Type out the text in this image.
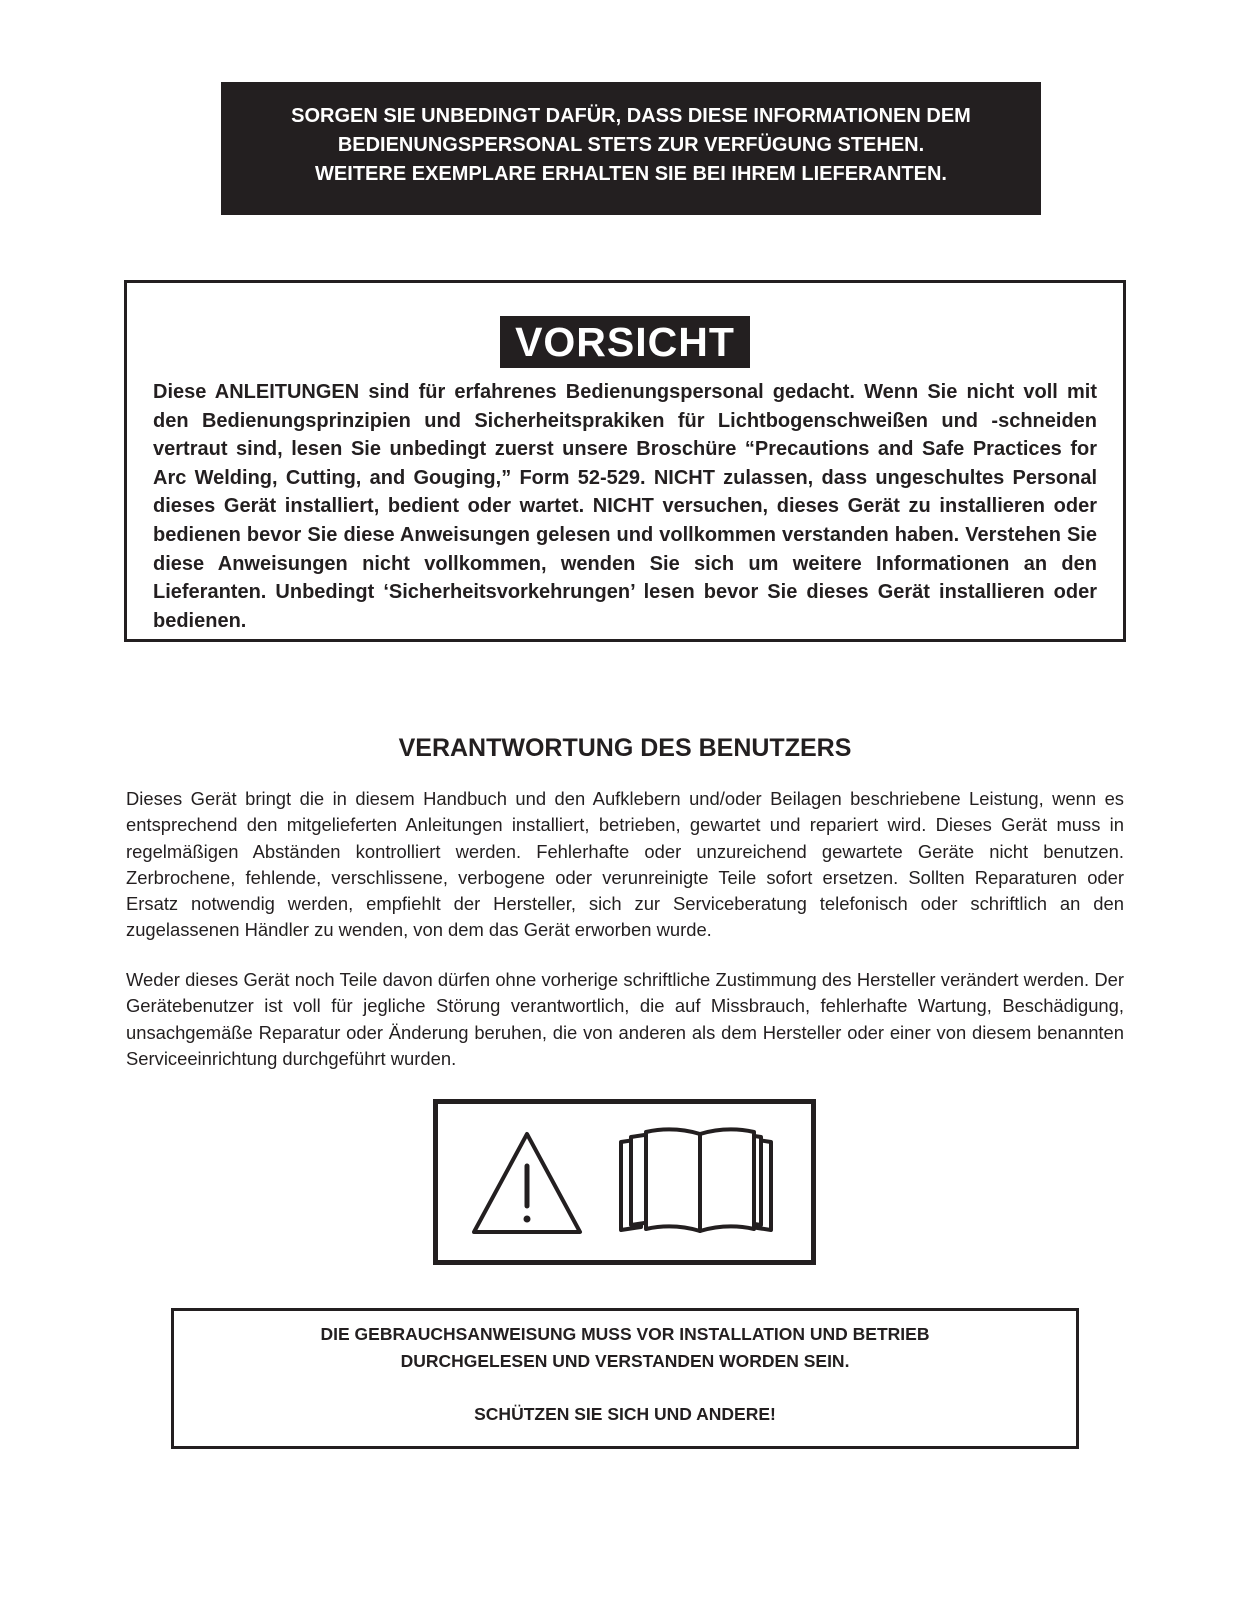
SORGEN SIE UNBEDINGT DAFÜR, DASS DIESE INFORMATIONEN DEM
BEDIENUNGSPERSONAL STETS ZUR VERFÜGUNG STEHEN.
WEITERE EXEMPLARE ERHALTEN SIE BEI IHREM LIEFERANTEN.
VORSICHT
Diese ANLEITUNGEN sind für erfahrenes Bedienungspersonal gedacht. Wenn Sie nicht voll mit den Bedienungsprinzipien und Sicherheitsprakiken für Lichtbogenschweißen und -schneiden vertraut sind, lesen Sie unbedingt zuerst unsere Broschüre “Precautions and Safe Practices for Arc Welding, Cutting, and Gouging,” Form 52-529. NICHT zulassen, dass ungeschultes Personal dieses Gerät installiert, bedient oder wartet. NICHT versuchen, dieses Gerät zu installieren oder bedienen bevor Sie diese Anweisungen gelesen und vollkommen verstanden haben. Verstehen Sie diese Anweisungen nicht vollkommen, wenden Sie sich um weitere Informationen an den Lieferanten. Unbedingt ‘Sicherheitsvorkehrungen’ lesen bevor Sie dieses Gerät installieren oder bedienen.
VERANTWORTUNG DES BENUTZERS
Dieses Gerät bringt die in diesem Handbuch und den Aufklebern und/oder Beilagen beschriebene Leistung, wenn es entsprechend den mitgelieferten Anleitungen installiert, betrieben, gewartet und repariert wird. Dieses Gerät muss in regelmäßigen Abständen kontrolliert werden. Fehlerhafte oder unzureichend gewartete Geräte nicht benutzen. Zerbrochene, fehlende, verschlissene, verbogene oder verunreinigte Teile sofort ersetzen. Sollten Reparaturen oder Ersatz notwendig werden, empfiehlt der Hersteller, sich zur Serviceberatung telefonisch oder schriftlich an den zugelassenen Händler zu wenden, von dem das Gerät erworben wurde.
Weder dieses Gerät noch Teile davon dürfen ohne vorherige schriftliche Zustimmung des Hersteller verändert werden. Der Gerätebenutzer ist voll für jegliche Störung verantwortlich, die auf Missbrauch, fehlerhafte Wartung, Beschädigung, unsachgemäße Reparatur oder Änderung beruhen, die von anderen als dem Hersteller oder einer von diesem benannten Serviceeinrichtung durchgeführt wurden.
DIE GEBRAUCHSANWEISUNG MUSS VOR INSTALLATION UND BETRIEB
DURCHGELESEN UND VERSTANDEN WORDEN SEIN.
SCHÜTZEN SIE SICH UND ANDERE!
